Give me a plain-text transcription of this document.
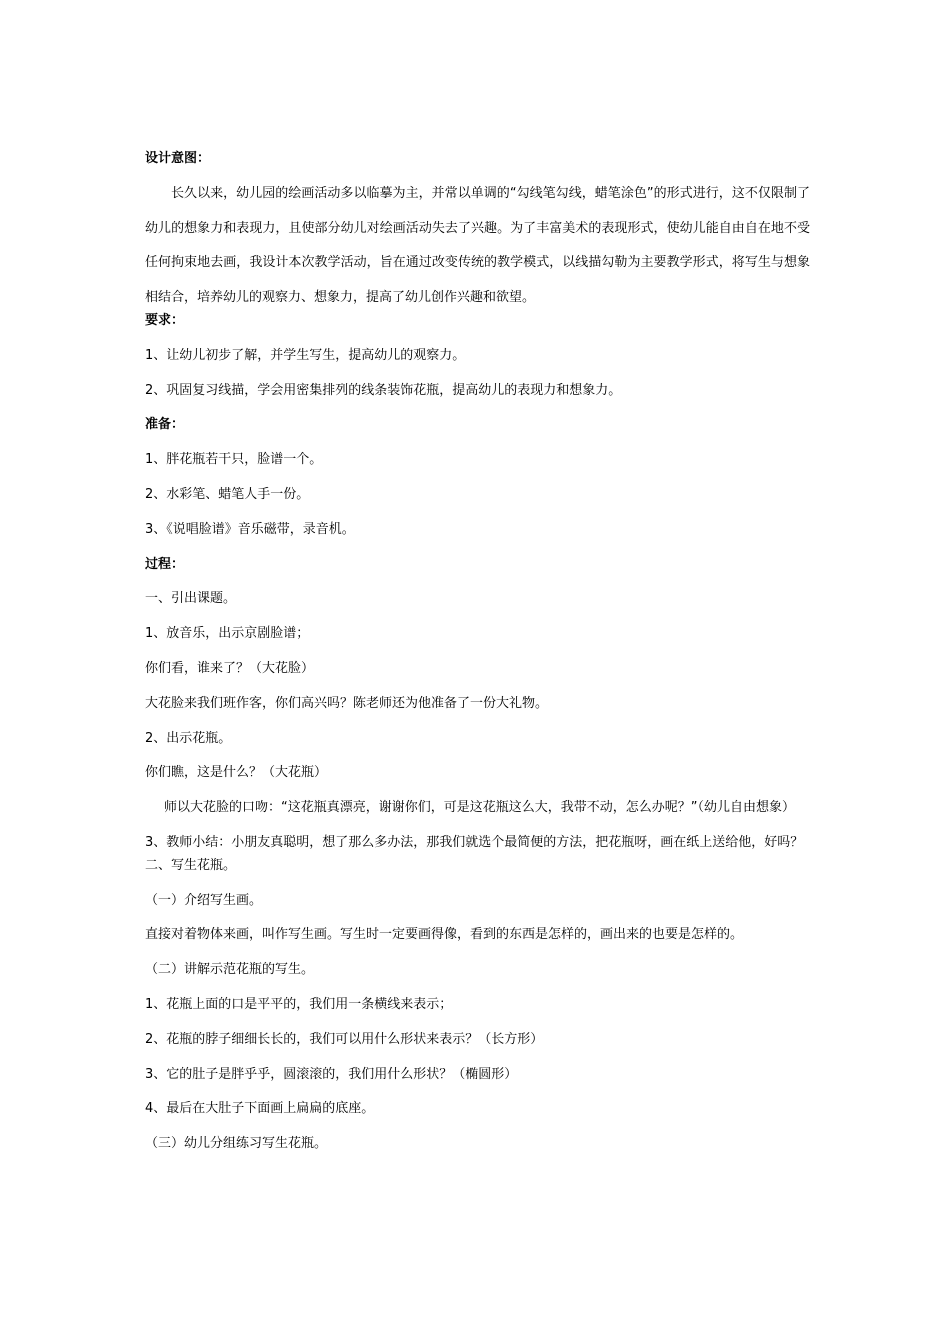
设计意图：
长久以来，幼儿园的绘画活动多以临摹为主，并常以单调的“勾线笔勾线，蜡笔涂色”的形式进行，这不仅限制了幼儿的想象力和表现力，且使部分幼儿对绘画活动失去了兴趣。为了丰富美术的表现形式，使幼儿能自由自在地不受任何拘束地去画，我设计本次教学活动，旨在通过改变传统的教学模式，以线描勾勒为主要教学形式，将写生与想象相结合，培养幼儿的观察力、想象力，提高了幼儿创作兴趣和欲望。
要求：
1、让幼儿初步了解，并学生写生，提高幼儿的观察力。
2、巩固复习线描，学会用密集排列的线条装饰花瓶，提高幼儿的表现力和想象力。
准备：
1、胖花瓶若干只，脸谱一个。
2、水彩笔、蜡笔人手一份。
3、《说唱脸谱》音乐磁带，录音机。
过程：
一、引出课题。
1、放音乐，出示京剧脸谱；
你们看，谁来了？（大花脸）
大花脸来我们班作客，你们高兴吗？陈老师还为他准备了一份大礼物。
2、出示花瓶。
你们瞧，这是什么？（大花瓶）
师以大花脸的口吻：“这花瓶真漂亮，谢谢你们，可是这花瓶这么大，我带不动，怎么办呢？”（幼儿自由想象）3、教师小结：小朋友真聪明，想了那么多办法，那我们就选个最简便的方法，把花瓶呀，画在纸上送给他，好吗？
二、写生花瓶。
（一）介绍写生画。
直接对着物体来画，叫作写生画。写生时一定要画得像，看到的东西是怎样的，画出来的也要是怎样的。
（二）讲解示范花瓶的写生。
1、花瓶上面的口是平平的，我们用一条横线来表示；
2、花瓶的脖子细细长长的，我们可以用什么形状来表示？（长方形）
3、它的肚子是胖乎乎，圆滚滚的，我们用什么形状？（椭圆形）
4、最后在大肚子下面画上扁扁的底座。
（三）幼儿分组练习写生花瓶。
